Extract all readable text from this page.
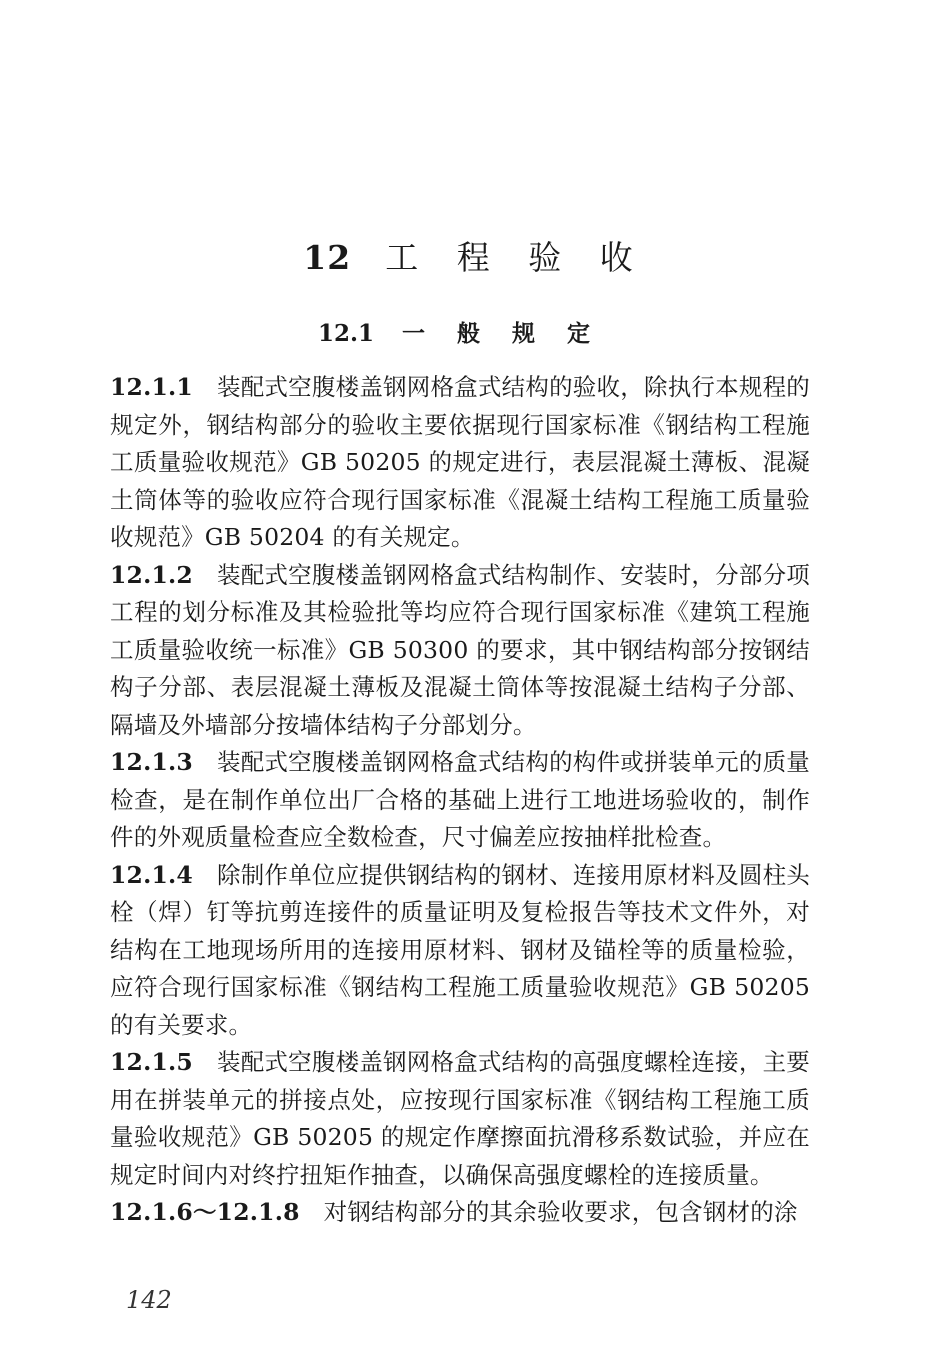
12 工 程 验 收
12.1 一 般 规 定

12.1.1 装配式空腹楼盖钢网格盒式结构的验收，除执行本规程的规定外，钢结构部分的验收主要依据现行国家标准《钢结构工程施工质量验收规范》GB 50205 的规定进行，表层混凝土薄板、混凝土筒体等的验收应符合现行国家标准《混凝土结构工程施工质量验收规范》GB 50204 的有关规定。

12.1.2 装配式空腹楼盖钢网格盒式结构制作、安装时，分部分项工程的划分标准及其检验批等均应符合现行国家标准《建筑工程施工质量验收统一标准》GB 50300 的要求，其中钢结构部分按钢结构子分部、表层混凝土薄板及混凝土筒体等按混凝土结构子分部、隔墙及外墙部分按墙体结构子分部划分。

12.1.3 装配式空腹楼盖钢网格盒式结构的构件或拼装单元的质量检查，是在制作单位出厂合格的基础上进行工地进场验收的，制作件的外观质量检查应全数检查，尺寸偏差应按抽样批检查。

12.1.4 除制作单位应提供钢结构的钢材、连接用原材料及圆柱头栓（焊）钉等抗剪连接件的质量证明及复检报告等技术文件外，对结构在工地现场所用的连接用原材料、钢材及锚栓等的质量检验，应符合现行国家标准《钢结构工程施工质量验收规范》GB 50205 的有关要求。

12.1.5 装配式空腹楼盖钢网格盒式结构的高强度螺栓连接，主要用在拼装单元的拼接点处，应按现行国家标准《钢结构工程施工质量验收规范》GB 50205 的规定作摩擦面抗滑移系数试验，并应在规定时间内对终拧扭矩作抽查，以确保高强度螺栓的连接质量。

12.1.6～12.1.8 对钢结构部分的其余验收要求，包含钢材的涂

142
